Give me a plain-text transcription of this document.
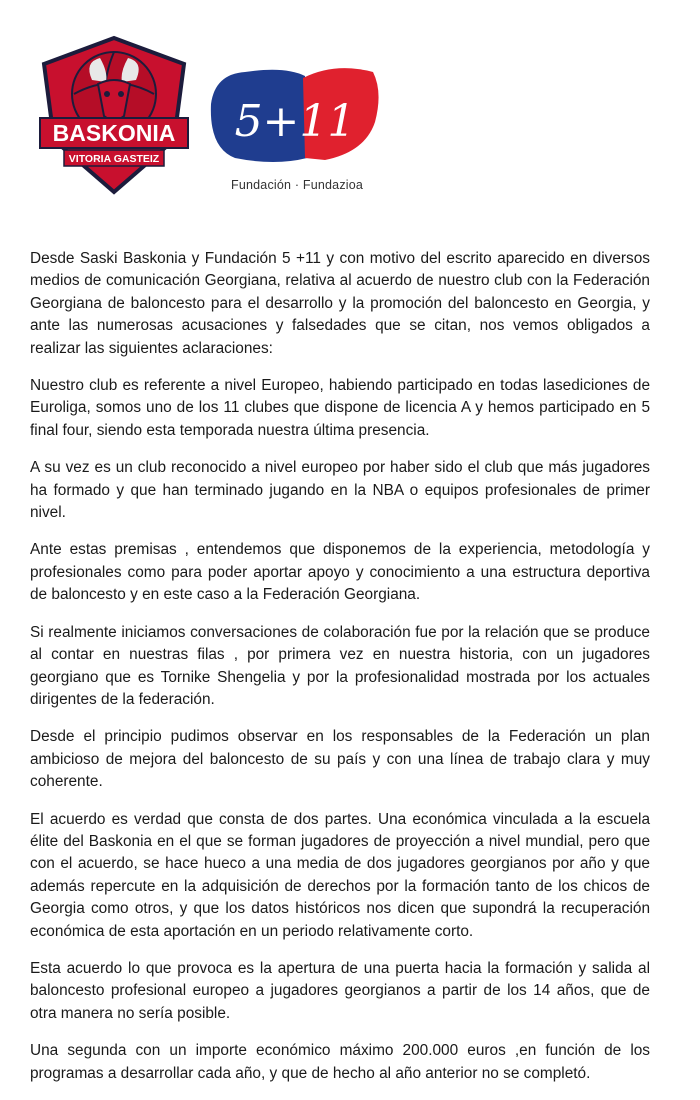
BASKONIA
VITORIA GASTEIZ
5+11
Fundación · Fundazioa

Desde Saski Baskonia y Fundación 5 +11 y con motivo del escrito aparecido en diversos medios de comunicación Georgiana, relativa al acuerdo de nuestro club con la Federación Georgiana de baloncesto para el desarrollo y la promoción del baloncesto en Georgia, y ante las numerosas acusaciones y falsedades que se citan, nos vemos obligados a realizar las siguientes aclaraciones:

Nuestro club es referente a nivel Europeo, habiendo participado en todas lasediciones de Euroliga, somos uno de los 11 clubes que dispone de licencia A y hemos participado en 5 final four, siendo esta temporada nuestra última presencia.

A su vez es un club reconocido a nivel europeo por haber sido el club que más jugadores ha formado y que han terminado jugando en la NBA o equipos profesionales de primer nivel.

Ante estas premisas , entendemos que disponemos de la experiencia, metodología y profesionales como para poder aportar apoyo y conocimiento a una estructura deportiva de baloncesto y en este caso a la Federación Georgiana.

Si realmente iniciamos conversaciones de colaboración fue por la relación que se produce al contar en nuestras filas , por primera vez en nuestra historia, con un jugadores georgiano que es Tornike Shengelia y por la profesionalidad mostrada por los actuales dirigentes de la federación.

Desde el principio pudimos observar en los responsables de la Federación un plan ambicioso de mejora del baloncesto de su país y con una línea de trabajo clara y muy coherente.

El acuerdo es verdad que consta de dos partes. Una económica vinculada a la escuela élite del Baskonia en el que se forman jugadores de proyección a nivel mundial, pero que con el acuerdo, se hace hueco a una media de dos jugadores georgianos por año y que además repercute en la adquisición de derechos por la formación tanto de los chicos de Georgia como otros, y que los datos históricos nos dicen que supondrá la recuperación económica de esta aportación en un periodo relativamente corto.

Esta acuerdo lo que provoca es la apertura de una puerta hacia la formación y salida al baloncesto profesional europeo a jugadores georgianos a partir de los 14 años, que de otra manera no sería posible.

Una segunda con un importe económico máximo 200.000 euros ,en función de los programas a desarrollar cada año, y que de hecho al año anterior no se completó.
